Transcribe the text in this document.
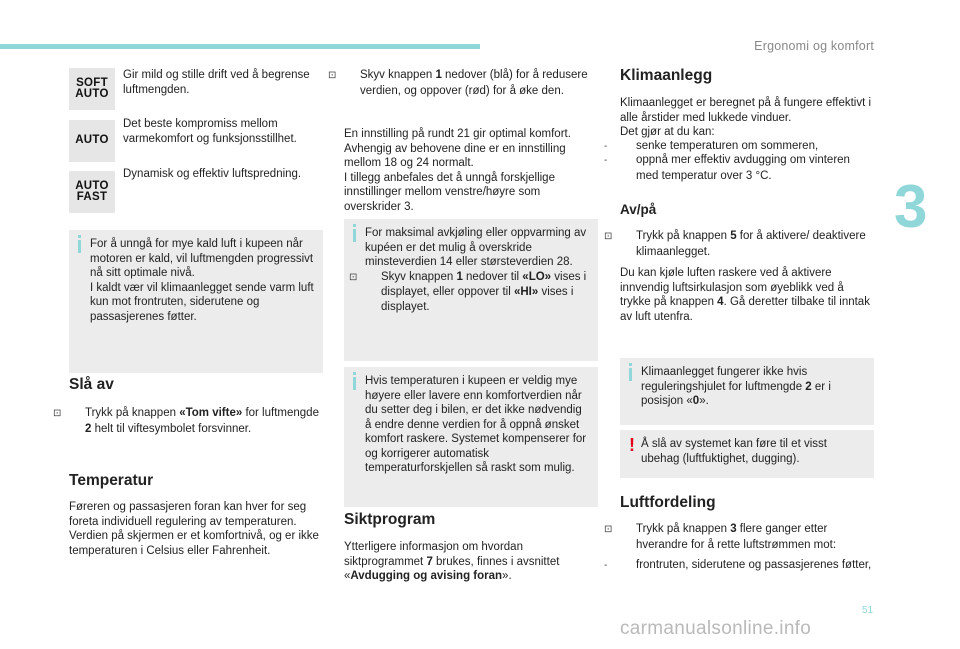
Ergonomi og komfort
3
51
SOFT
AUTO
Gir mild og stille drift ved å begrense luftmengden.
AUTO
Det beste kompromiss mellom varmekomfort og funksjonsstillhet.
AUTO
FAST
Dynamisk og effektiv luftspredning.
For å unngå for mye kald luft i kupeen når motoren er kald, vil luftmengden progressivt nå sitt optimale nivå.
I kaldt vær vil klimaanlegget sende varm luft kun mot frontruten, siderutene og passasjerenes føtter.
Slå av
⊡ Trykk på knappen «Tom vifte» for luftmengde 2 helt til viftesymbolet forsvinner.
Temperatur
Føreren og passasjeren foran kan hver for seg foreta individuell regulering av temperaturen. Verdien på skjermen er et komfortnivå, og er ikke temperaturen i Celsius eller Fahrenheit.
⊡ Skyv knappen 1 nedover (blå) for å redusere verdien, og oppover (rød) for å øke den.
En innstilling på rundt 21 gir optimal komfort. Avhengig av behovene dine er en innstilling mellom 18 og 24 normalt.
I tillegg anbefales det å unngå forskjellige innstillinger mellom venstre/høyre som overskrider 3.
For maksimal avkjøling eller oppvarming av kupéen er det mulig å overskride minsteverdien 14 eller størsteverdien 28.
⊡ Skyv knappen 1 nedover til «LO» vises i displayet, eller oppover til «HI» vises i displayet.
Hvis temperaturen i kupeen er veldig mye høyere eller lavere enn komfortverdien når du setter deg i bilen, er det ikke nødvendig å endre denne verdien for å oppnå ønsket komfort raskere. Systemet kompenserer for og korrigerer automatisk temperaturforskjellen så raskt som mulig.
Siktprogram
Ytterligere informasjon om hvordan siktprogrammet 7 brukes, finnes i avsnittet «Avdugging og avising foran».
Klimaanlegg
Klimaanlegget er beregnet på å fungere effektivt i alle årstider med lukkede vinduer.
Det gjør at du kan:
- senke temperaturen om sommeren,
- oppnå mer effektiv avdugging om vinteren med temperatur over 3 °C.
Av/på
⊡ Trykk på knappen 5 for å aktivere/ deaktivere klimaanlegget.
Du kan kjøle luften raskere ved å aktivere innvendig luftsirkulasjon som øyeblikk ved å trykke på knappen 4. Gå deretter tilbake til inntak av luft utenfra.
Klimaanlegget fungerer ikke hvis reguleringshjulet for luftmengde 2 er i posisjon «0».
! Å slå av systemet kan føre til et visst ubehag (luftfuktighet, dugging).
Luftfordeling
⊡ Trykk på knappen 3 flere ganger etter hverandre for å rette luftstrømmen mot:
- frontruten, siderutene og passasjerenes føtter,
carmanualsonline.info
